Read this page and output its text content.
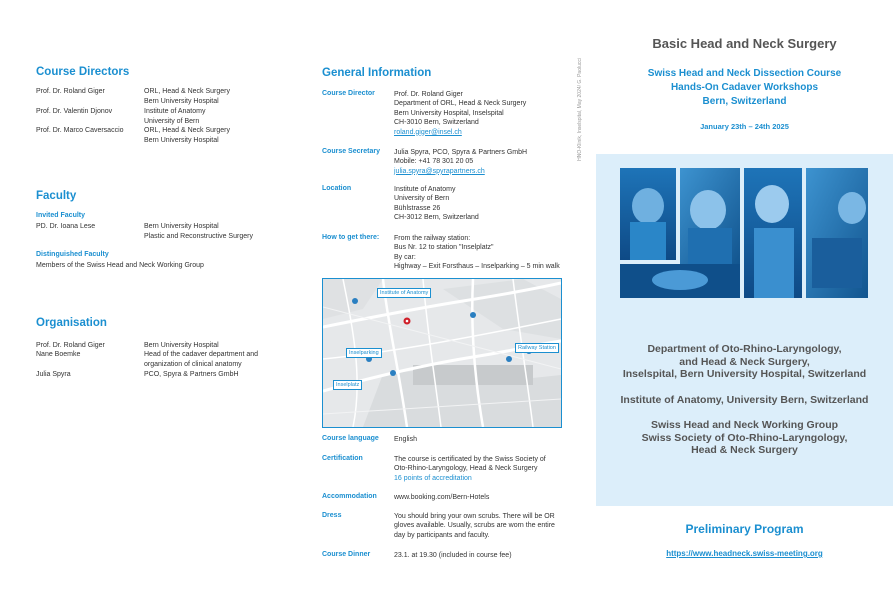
Course Directors
Prof. Dr. Roland Giger	ORL, Head & Neck Surgery
Bern University Hospital
Prof. Dr. Valentin Djonov	Institute of Anatomy
University of Bern
Prof. Dr. Marco Caversaccio	ORL, Head & Neck Surgery
Bern University Hospital
Faculty
Invited Faculty
PD. Dr. Ioana Lese	Bern University Hospital
Plastic and Reconstructive Surgery
Distinguished Faculty
Members of the Swiss Head and Neck Working Group
Organisation
Prof. Dr. Roland Giger	Bern University Hospital
Nane Boemke	Head of the cadaver department and
organization of clinical anatomy
Julia Spyra	PCO, Spyra & Partners GmbH
General Information	HNO-Klinik, Inselspital, May 2024/ G. Paolucci
Course Director	Prof. Dr. Roland Giger
Department of ORL, Head & Neck Surgery
Bern University Hospital, Inselspital
CH-3010 Bern, Switzerland
roland.giger@insel.ch
Course Secretary	Julia Spyra, PCO, Spyra & Partners GmbH
Mobile: +41 78 301 20 05
julia.spyra@spyrapartners.ch
Location	Institute of Anatomy
University of Bern
Bühlstrasse 26
CH-3012 Bern, Switzerland
How to get there:	From the railway station:
Bus Nr. 12 to station "Inselplatz"
By car:
Highway – Exit Forsthaus – Inselparking – 5 min walk
Institute of Anatomy
Inselparking
Railway Station
Inselplatz
Course language	English
Certification	The course is certificated by the Swiss Society of
Oto-Rhino-Laryngology, Head & Neck Surgery
16 points of accreditation
Accommodation	www.booking.com/Bern-Hotels
Dress	You should bring your own scrubs. There will be OR
gloves available. Usually, scrubs are worn the entire
day by participants and faculty.
Course Dinner	23.1. at 19.30 (included in course fee)
Basic Head and Neck Surgery
Swiss Head and Neck Dissection Course
Hands-On Cadaver Workshops
Bern, Switzerland
January 23th – 24th 2025
Department of Oto-Rhino-Laryngology,
and Head & Neck Surgery,
Inselspital, Bern University Hospital, Switzerland
Institute of Anatomy, University Bern, Switzerland
Swiss Head and Neck Working Group
Swiss Society of Oto-Rhino-Laryngology,
Head & Neck Surgery
Preliminary Program
https://www.headneck.swiss-meeting.org
